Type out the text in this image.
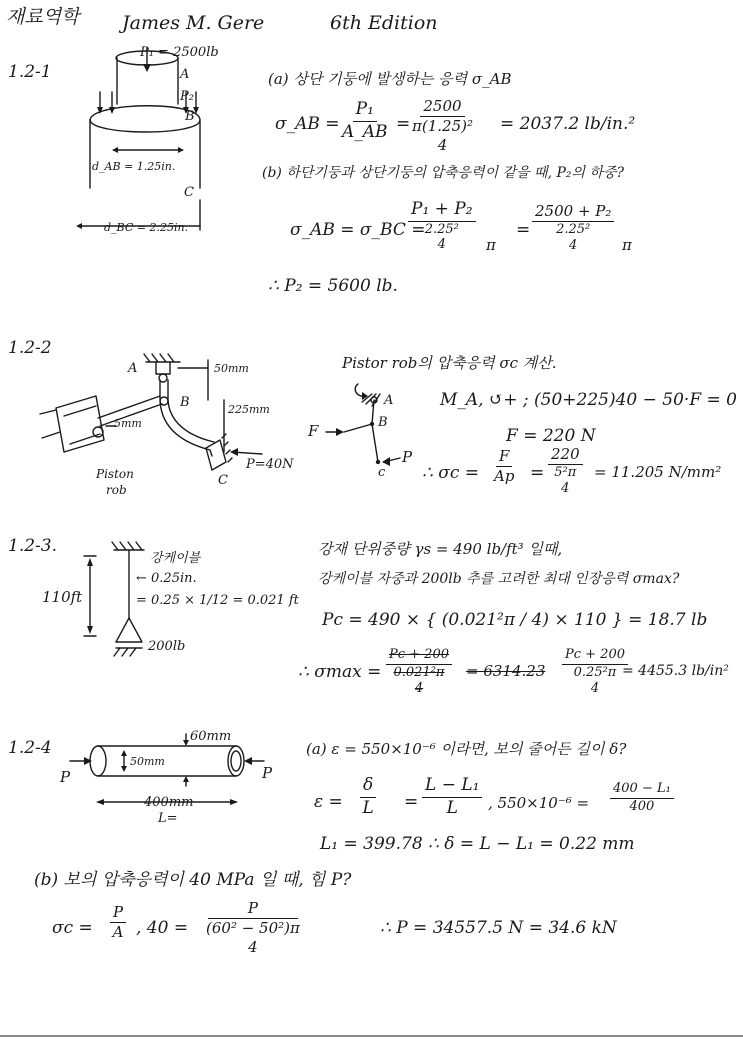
재료역학 James M. Gere	6th Edition
1.2-1
P₁ = 2500lb
A
P₂
B
C
d_AB = 1.25in.
d_BC = 2.25in.
(a) 상단 기둥에 발생하는 응력 σ_AB
σ_AB = $\frac{\text{P₁}}{A\_AB}$ =
2500
π(1.25)²
4
= 2037.2 lb/in.²
(b) 하단기둥과 상단기둥의 압축응력이 같을 때, P₂의 하중?
σ_AB = σ_BC =
P₁ + P₂
2.25²
4	π
=
2500 + P₂
2.25²
4	π
∴ P₂ = 5600 lb.
1.2-2
A
B
C
50mm
225mm
5mm
P=40N
Piston
rob
A
B
c
F
P
Pistor rob의 압축응력 σc 계산.
M_A, ↺+ ; (50+225)40 − 50·F = 0
F = 220 N
∴ $\sigma c = \frac{F}{Ap}$ =
220
5²π
4
= 11.205 N/mm²
1.2-3.
110ft
강케이블
← 0.25in.
= 0.25 × 1/12 = 0.021 ft
200lb
강재 단위중량 γs = 490 lb/ft³ 일때,
강케이블 자중과 200lb 추를 고려한 최대 인장응력 σmax?
Pc = 490 × { (0.021²π / 4) × 110 } = 18.7 lb
∴ σmax =
Pc + 200
0.021²π
4
= 6314.23
Pc + 200
0.25²π
4
= 4455.3 lb/in²
1.2-4
60mm
50mm
P	P
400mm
L=
(a) ε = 550×10⁻⁶ 이라면, 보의 줄어든 길이 δ?
$\varepsilon = \frac{\delta}{L} = \frac{\text{L − L₁}}{L}$ , $550\times 10^{-6} = \frac{\text{400 − L₁}}{400}$
L₁ = 399.78 ∴ δ = L − L₁ = 0.22 mm
(b) 보의 압축응력이 40 MPa 일 때, 힘 P?
$\sigma c = \frac{P}{A}$ , 40 =
P
(60² − 50²)π
4
∴ P = 34557.5 N = 34.6 kN
